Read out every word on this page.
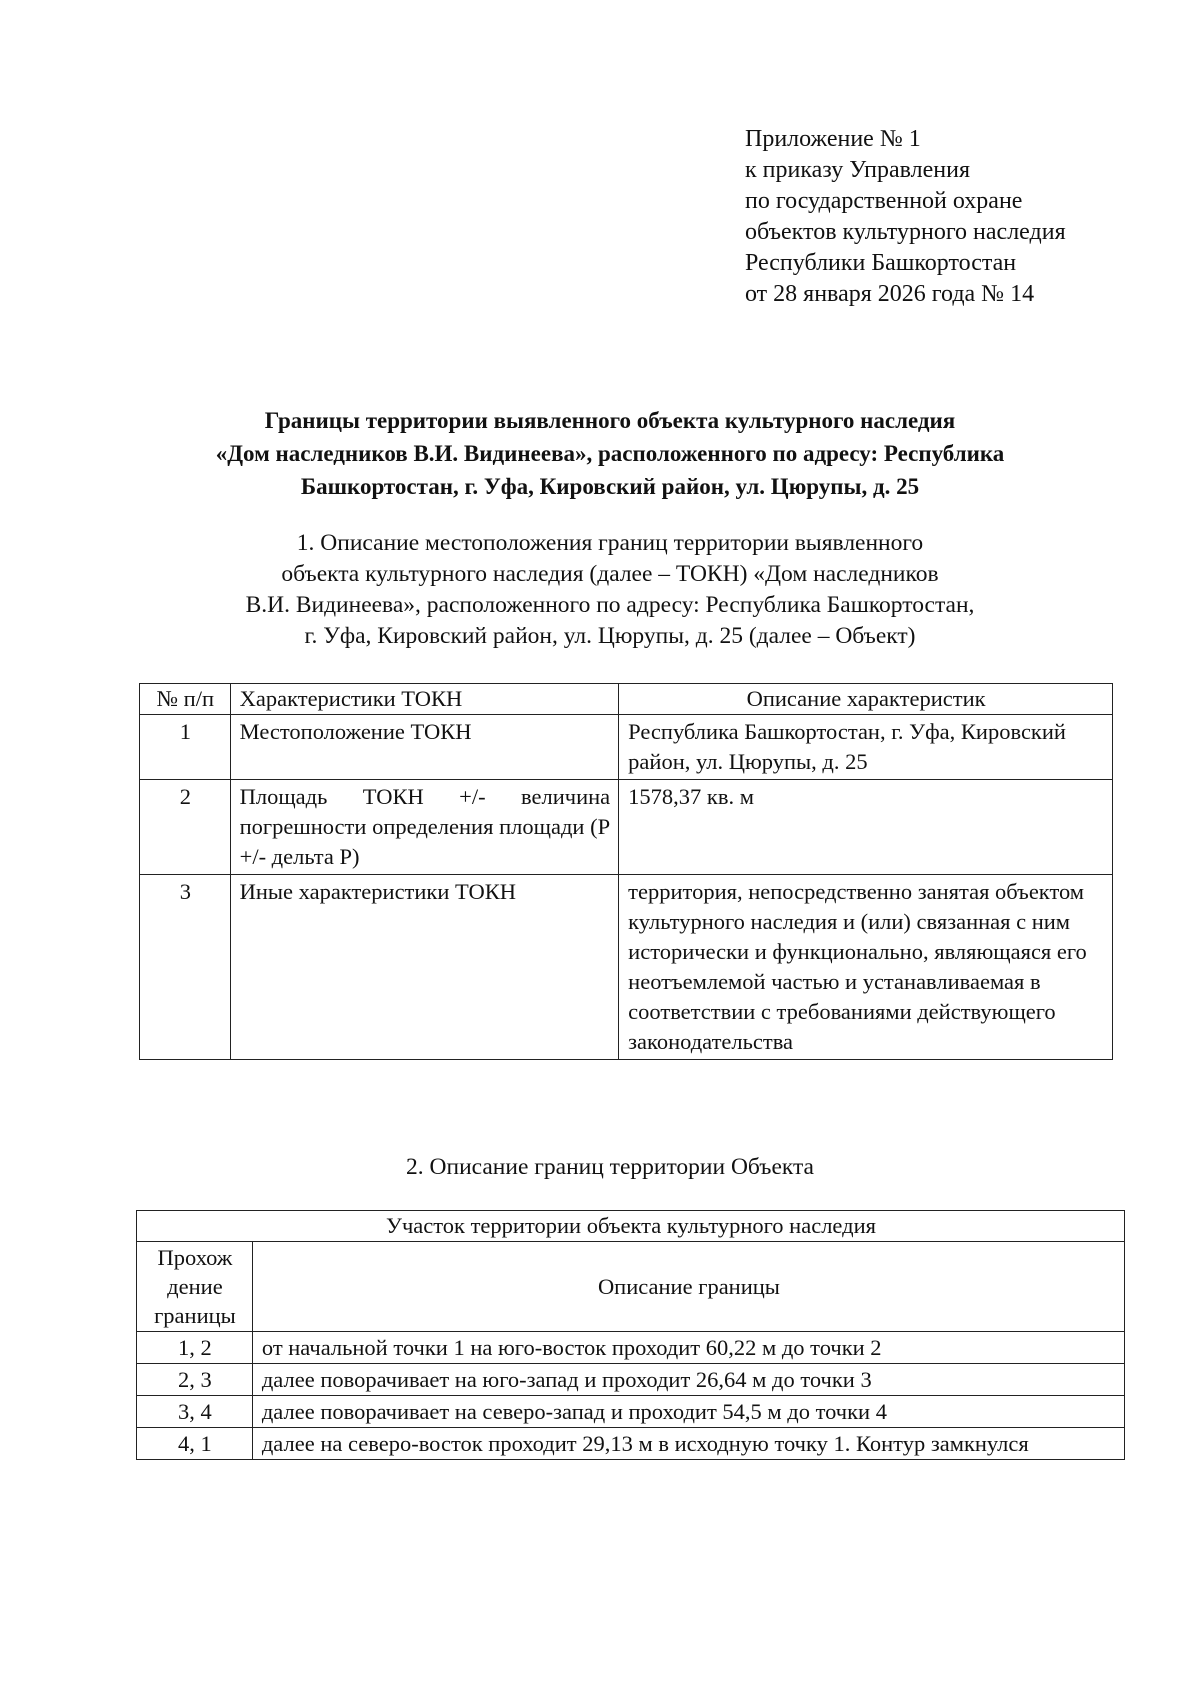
Приложение № 1
к приказу Управления
по государственной охране
объектов культурного наследия
Республики Башкортостан
от 28 января 2026 года № 14
Границы территории выявленного объекта культурного наследия
«Дом наследников В.И. Видинеева», расположенного по адресу: Республика
Башкортостан, г. Уфа, Кировский район, ул. Цюрупы, д. 25
1. Описание местоположения границ территории выявленного
объекта культурного наследия (далее – ТОКН) «Дом наследников
В.И. Видинеева», расположенного по адресу: Республика Башкортостан,
г. Уфа, Кировский район, ул. Цюрупы, д. 25 (далее – Объект)
№ п/п	Характеристики ТОКН	Описание характеристик
1	Местоположение ТОКН	Республика Башкортостан, г. Уфа, Кировский район, ул. Цюрупы, д. 25
2	Площадь ТОКН +/- величина погрешности определения площади (Р +/- дельта Р)	1578,37 кв. м
3	Иные характеристики ТОКН	территория, непосредственно занятая объектом культурного наследия и (или) связанная с ним исторически и функционально, являющаяся его неотъемлемой частью и устанавливаемая в соответствии с требованиями действующего законодательства
2. Описание границ территории Объекта
Участок территории объекта культурного наследия	

Прохож
дение
границы	Описание границы
1, 2	от начальной точки 1 на юго-восток проходит 60,22 м до точки 2
2, 3	далее поворачивает на юго-запад и проходит 26,64 м до точки 3
3, 4	далее поворачивает на северо-запад и проходит 54,5 м до точки 4
4, 1	далее на северо-восток проходит 29,13 м в исходную точку 1. Контур замкнулся
